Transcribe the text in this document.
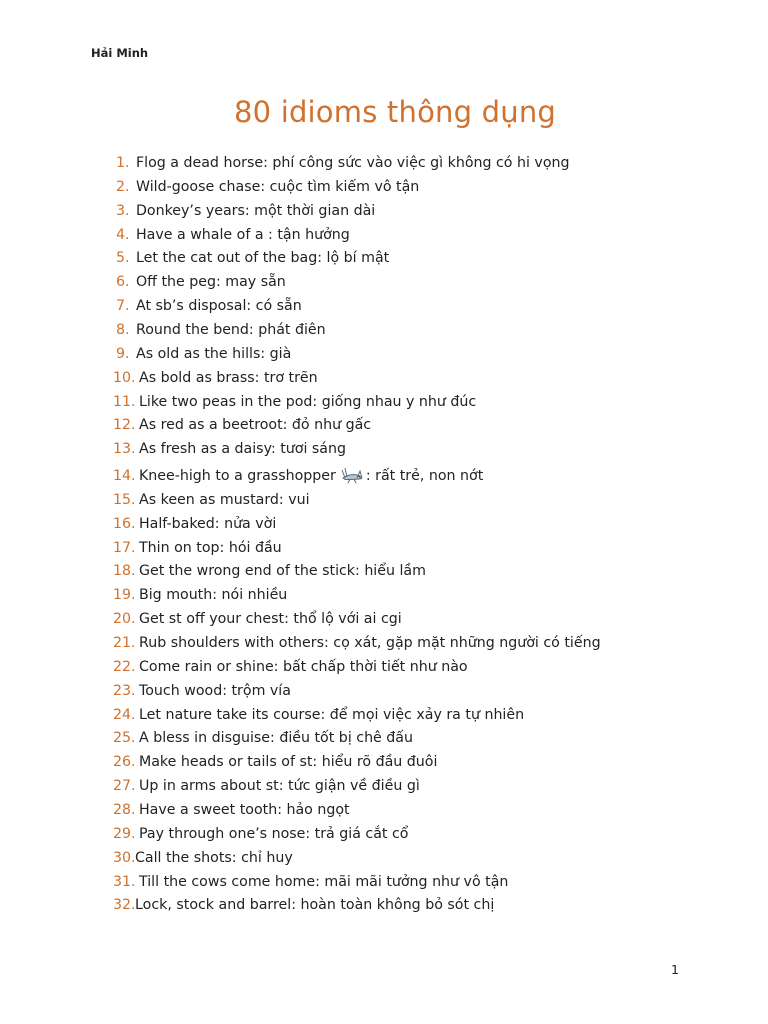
Hải Minh
80 idioms thông dụng
1. Flog a dead horse: phí công sức vào việc gì không có hi vọng
2. Wild-goose chase: cuộc tìm kiếm vô tận
3. Donkey’s years: một thời gian dài
4. Have a whale of a : tận hưởng
5. Let the cat out of the bag: lộ bí mật
6. Off the peg: may sẵn
7. At sb’s disposal: có sẵn
8. Round the bend: phát điên
9. As old as the hills: già
10. As bold as brass: trơ trẽn
11. Like two peas in the pod: giống nhau y như đúc
12. As red as a beetroot: đỏ như gấc
13. As fresh as a daisy: tươi sáng
14. Knee-high to a grasshopper : rất trẻ, non nớt
15. As keen as mustard: vui
16. Half-baked: nửa vời
17. Thin on top: hói đầu
18. Get the wrong end of the stick: hiểu lầm
19. Big mouth: nói nhiều
20. Get st off your chest: thổ lộ với ai cgi
21. Rub shoulders with others: cọ xát, gặp mặt những người có tiếng
22. Come rain or shine: bất chấp thời tiết như nào
23. Touch wood: trộm vía
24. Let nature take its course: để mọi việc xảy ra tự nhiên
25. A bless in disguise: điều tốt bị chê đấu
26. Make heads or tails of st: hiểu rõ đầu đuôi
27. Up in arms about st: tức giận về điều gì
28. Have a sweet tooth: hảo ngọt
29. Pay through one’s nose: trả giá cắt cổ
30. Call the shots: chỉ huy
31. Till the cows come home: mãi mãi tưởng như vô tận
32. Lock, stock and barrel: hoàn toàn không bỏ sót chị
1
